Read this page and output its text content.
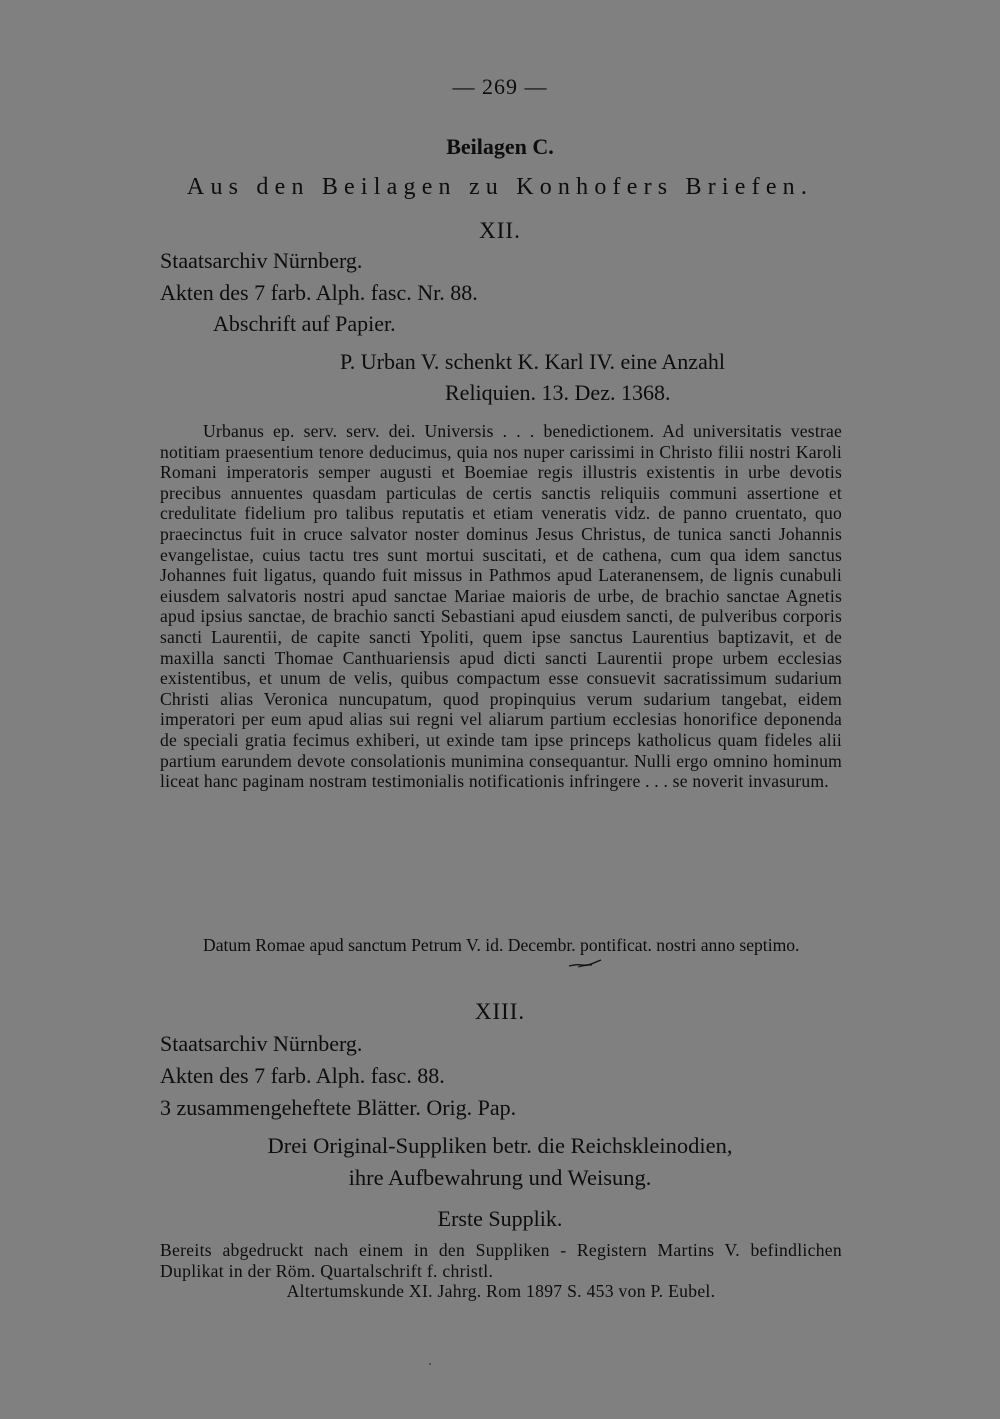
— 269 —
Beilagen C.
Aus den Beilagen zu Konhofers Briefen.
XII.
Staatsarchiv Nürnberg.
Akten des 7 farb. Alph. fasc. Nr. 88.
Abschrift auf Papier.
P. Urban V. schenkt K. Karl IV. eine Anzahl
Reliquien. 13. Dez. 1368.

Urbanus ep. serv. serv. dei. Universis . . . benedictionem. Ad universitatis vestrae notitiam praesentium tenore deducimus, quia nos nuper carissimi in Christo filii nostri Karoli Romani imperatoris semper augusti et Boemiae regis illustris existentis in urbe devotis precibus annuentes quasdam particulas de certis sanctis reliquiis communi assertione et credulitate fidelium pro talibus reputatis et etiam veneratis vidz. de panno cruentato, quo praecinctus fuit in cruce salvator noster dominus Jesus Christus, de tunica sancti Johannis evangelistae, cuius tactu tres sunt mortui suscitati, et de cathena, cum qua idem sanctus Johannes fuit ligatus, quando fuit missus in Pathmos apud Lateranensem, de lignis cunabuli eiusdem salvatoris nostri apud sanctae Mariae maioris de urbe, de brachio sanctae Agnetis apud ipsius sanctae, de brachio sancti Sebastiani apud eiusdem sancti, de pulveribus corporis sancti Laurentii, de capite sancti Ypoliti, quem ipse sanctus Laurentius baptizavit, et de maxilla sancti Thomae Canthuariensis apud dicti sancti Laurentii prope urbem ecclesias existentibus, et unum de velis, quibus compactum esse consuevit sacratissimum sudarium Christi alias Veronica nuncupatum, quod propinquius verum sudarium tangebat, eidem imperatori per eum apud alias sui regni vel aliarum partium ecclesias honorifice deponenda de speciali gratia fecimus exhiberi, ut exinde tam ipse princeps katholicus quam fideles alii partium earundem devote consolationis munimina consequantur. Nulli ergo omnino hominum liceat hanc paginam nostram testimonialis notificationis infringere . . . se noverit invasurum.

Datum Romae apud sanctum Petrum V. id. Decembr. pontificat. nostri anno septimo.
XIII.
Staatsarchiv Nürnberg.
Akten des 7 farb. Alph. fasc. 88.
3 zusammengeheftete Blätter. Orig. Pap.
Drei Original-Suppliken betr. die Reichskleinodien,
ihre Aufbewahrung und Weisung.
Erste Supplik.
Bereits abgedruckt nach einem in den Suppliken - Registern Martins V. befindlichen Duplikat in der Röm. Quartalschrift f. christl.
Altertumskunde XI. Jahrg. Rom 1897 S. 453 von P. Eubel.
